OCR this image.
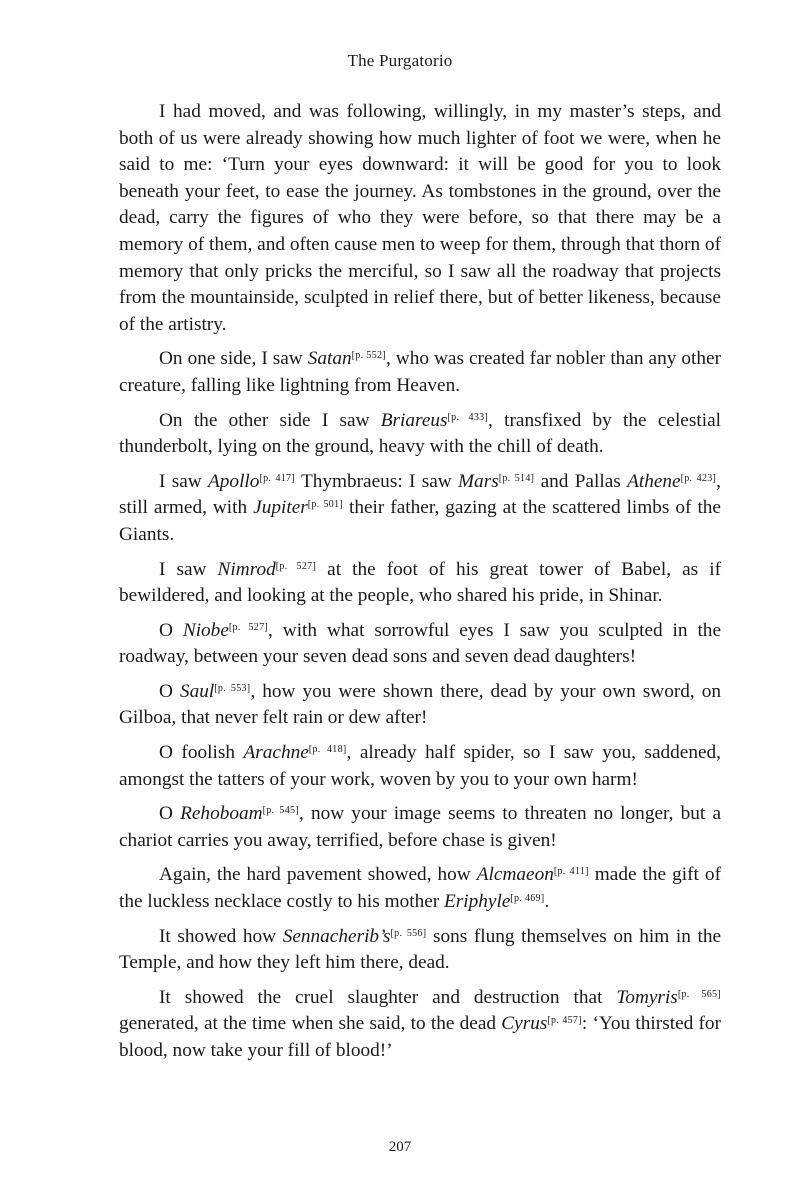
The Purgatorio

I had moved, and was following, willingly, in my master’s steps, and both of us were already showing how much lighter of foot we were, when he said to me: ‘Turn your eyes downward: it will be good for you to look beneath your feet, to ease the journey. As tombstones in the ground, over the dead, carry the figures of who they were before, so that there may be a memory of them, and often cause men to weep for them, through that thorn of memory that only pricks the merciful, so I saw all the roadway that projects from the mountainside, sculpted in relief there, but of better likeness, because of the artistry.

On one side, I saw Satan[p. 552], who was created far nobler than any other creature, falling like lightning from Heaven.

On the other side I saw Briareus[p. 433], transfixed by the celestial thunderbolt, lying on the ground, heavy with the chill of death.

I saw Apollo[p. 417] Thymbraeus: I saw Mars[p. 514] and Pallas Athene[p. 423], still armed, with Jupiter[p. 501] their father, gazing at the scattered limbs of the Giants.

I saw Nimrod[p. 527] at the foot of his great tower of Babel, as if bewildered, and looking at the people, who shared his pride, in Shinar.

O Niobe[p. 527], with what sorrowful eyes I saw you sculpted in the roadway, between your seven dead sons and seven dead daughters!

O Saul[p. 553], how you were shown there, dead by your own sword, on Gilboa, that never felt rain or dew after!

O foolish Arachne[p. 418], already half spider, so I saw you, saddened, amongst the tatters of your work, woven by you to your own harm!

O Rehoboam[p. 545], now your image seems to threaten no longer, but a chariot carries you away, terrified, before chase is given!

Again, the hard pavement showed, how Alcmaeon[p. 411] made the gift of the luckless necklace costly to his mother Eriphyle[p. 469].

It showed how Sennacherib’s[p. 556] sons flung themselves on him in the Temple, and how they left him there, dead.

It showed the cruel slaughter and destruction that Tomyris[p. 565] generated, at the time when she said, to the dead Cyrus[p. 457]: ‘You thirsted for blood, now take your fill of blood!’

207
